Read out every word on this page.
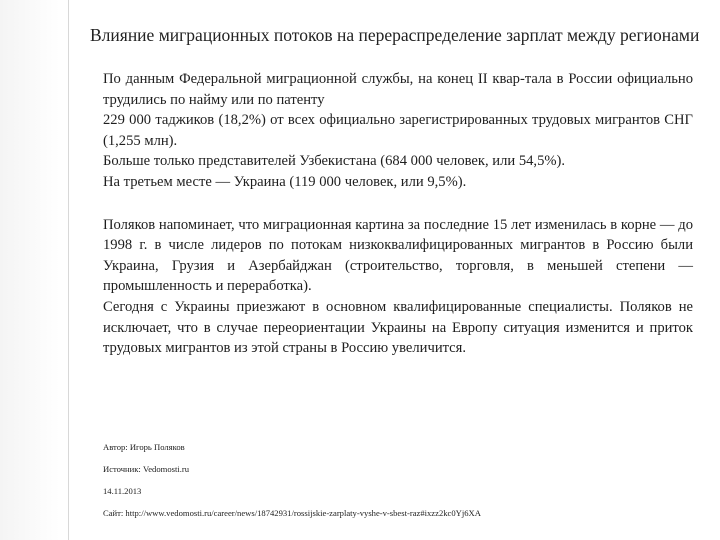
Влияние миграционных потоков на перераспределение зарплат между регионами

По данным Федеральной миграционной службы, на конец II квар-тала в России официально трудились по найму или по патенту

229 000 таджиков (18,2%) от всех официально зарегистрированных трудовых мигрантов СНГ (1,255 млн).

Больше только представителей Узбекистана (684 000 человек, или 54,5%).

На третьем месте — Украина (119 000 человек, или 9,5%).

Поляков напоминает, что миграционная картина за последние 15 лет изменилась в корне — до 1998 г. в числе лидеров по потокам низкоквалифицированных мигрантов в Россию были Украина, Грузия и Азербайджан (строительство, торговля, в меньшей степени — промышленность и переработка).

Сегодня с Украины приезжают в основном квалифицированные специалисты. Поляков не исключает, что в случае переориентации Украины на Европу ситуация изменится и приток трудовых мигрантов из этой страны в Россию увеличится.

Автор: Игорь Поляков
Источник: Vedomosti.ru
14.11.2013
Сайт: http://www.vedomosti.ru/career/news/18742931/rossijskie-zarplaty-vyshe-v-sbest-raz#ixzz2kc0Yj6XA
